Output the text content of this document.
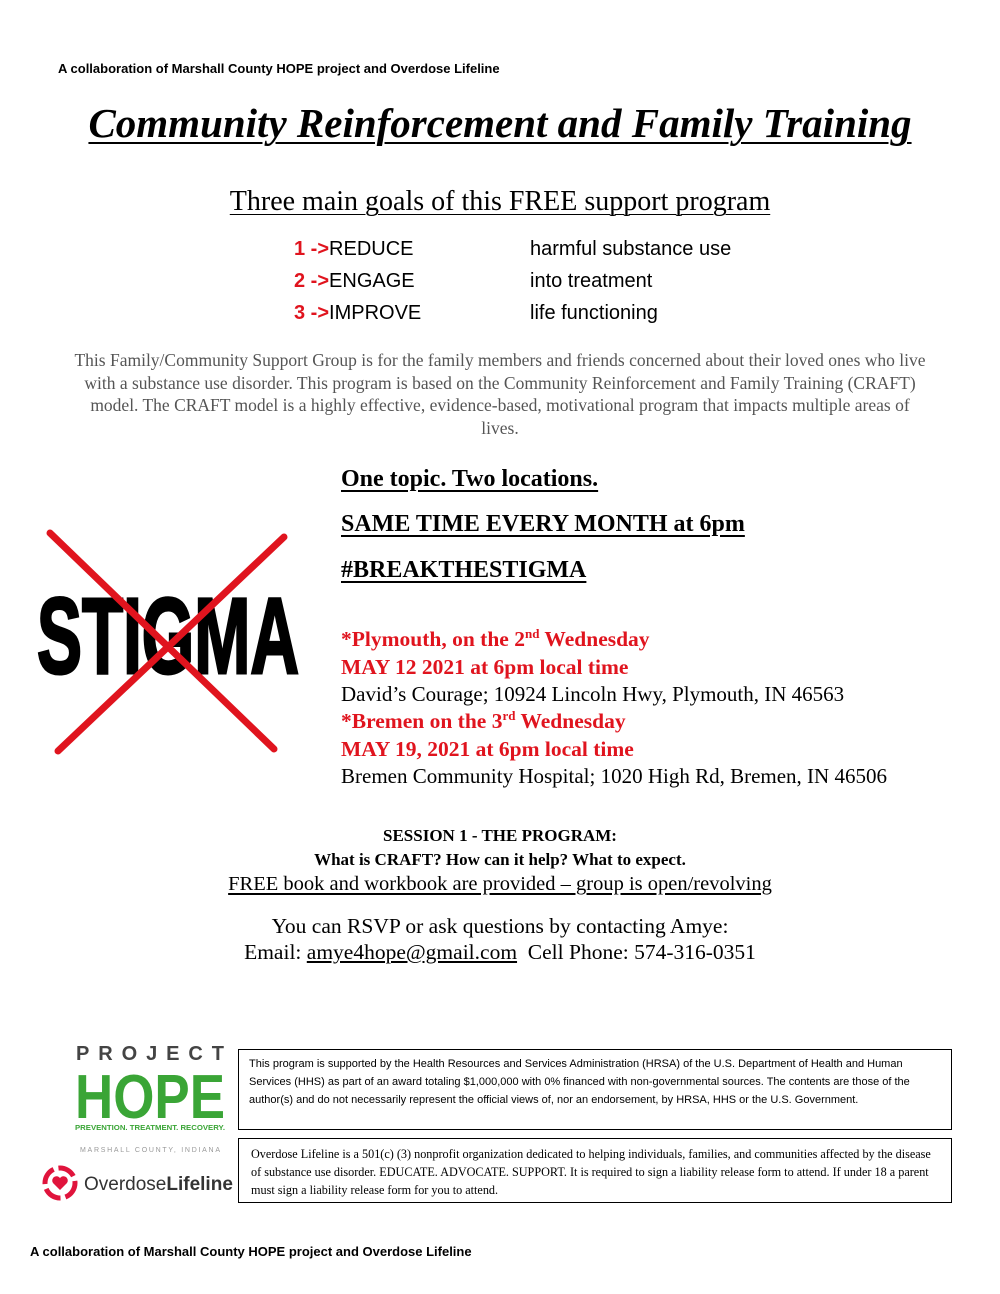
A collaboration of Marshall County HOPE project and Overdose Lifeline
Community Reinforcement and Family Training
Three main goals of this FREE support program
1 ->REDUCE	harmful substance use
2 ->ENGAGE	into treatment
3 ->IMPROVE	life functioning
This Family/Community Support Group is for the family members and friends concerned about their loved ones who live with a substance use disorder. This program is based on the Community Reinforcement and Family Training (CRAFT) model. The CRAFT model is a highly effective, evidence-based, motivational program that impacts multiple areas of lives.
One topic. Two locations.
SAME TIME EVERY MONTH at 6pm
#BREAKTHESTIGMA
STIGMA *Plymouth, on the 2nd Wednesday
MAY 12 2021 at 6pm local time
David’s Courage; 10924 Lincoln Hwy, Plymouth, IN 46563
*Bremen on the 3rd Wednesday
MAY 19, 2021 at 6pm local time
Bremen Community Hospital; 1020 High Rd, Bremen, IN 46506
SESSION 1 - THE PROGRAM:
What is CRAFT? How can it help? What to expect.
FREE book and workbook are provided – group is open/revolving
You can RSVP or ask questions by contacting Amye:
Email: amye4hope@gmail.com  Cell Phone: 574-316-0351
PROJECT
HOPE
PREVENTION. TREATMENT. RECOVERY.
MARSHALL COUNTY, INDIANA
OverdoseLifeline
This program is supported by the Health Resources and Services Administration (HRSA) of the U.S. Department of Health and Human Services (HHS) as part of an award totaling $1,000,000 with 0% financed with non-governmental sources. The contents are those of the author(s) and do not necessarily represent the official views of, nor an endorsement, by HRSA, HHS or the U.S. Government.
Overdose Lifeline is a 501(c) (3) nonprofit organization dedicated to helping individuals, families, and communities affected by the disease of substance use disorder. EDUCATE. ADVOCATE. SUPPORT. It is required to sign a liability release form to attend. If under 18 a parent must sign a liability release form for you to attend.
A collaboration of Marshall County HOPE project and Overdose Lifeline
